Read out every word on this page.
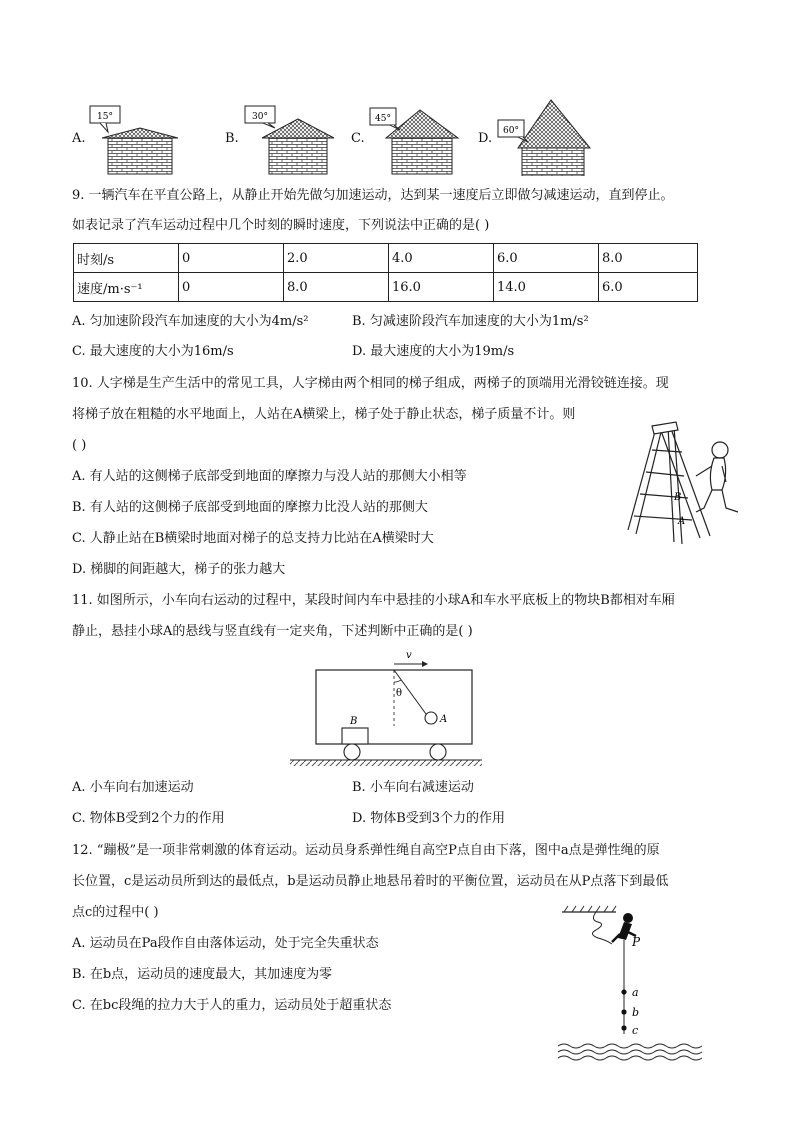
A.	B.	C.	D.
15°	30°	45°
60°
9. 一辆汽车在平直公路上，从静止开始先做匀加速运动，达到某一速度后立即做匀减速运动，直到停止。
如表记录了汽车运动过程中几个时刻的瞬时速度，下列说法中正确的是( )
时刻/s	0	2.0	4.0	6.0	8.0
速度/m·s⁻¹	0	8.0	16.0	14.0	6.0
A. 匀加速阶段汽车加速度的大小为4m/s²	B. 匀减速阶段汽车加速度的大小为1m/s²
C. 最大速度的大小为16m/s	D. 最大速度的大小为19m/s
10. 人字梯是生产生活中的常见工具，人字梯由两个相同的梯子组成，两梯子的顶端用光滑铰链连接。现
将梯子放在粗糙的水平地面上，人站在A横梁上，梯子处于静止状态，梯子质量不计。则
( )
A. 有人站的这侧梯子底部受到地面的摩擦力与没人站的那侧大小相等
B. 有人站的这侧梯子底部受到地面的摩擦力比没人站的那侧大
C. 人静止站在B横梁时地面对梯子的总支持力比站在A横梁时大
D. 梯脚的间距越大，梯子的张力越大
B
A
11. 如图所示，小车向右运动的过程中，某段时间内车中悬挂的小球A和车水平底板上的物块B都相对车厢
静止，悬挂小球A的悬线与竖直线有一定夹角，下述判断中正确的是( )
v
θ
A
B
A. 小车向右加速运动	B. 小车向右减速运动
C. 物体B受到2个力的作用	D. 物体B受到3个力的作用
12. “蹦极”是一项非常刺激的体育运动。运动员身系弹性绳自高空P点自由下落，图中a点是弹性绳的原
长位置，c是运动员所到达的最低点，b是运动员静止地悬吊着时的平衡位置，运动员在从P点落下到最低
点c的过程中( )
A. 运动员在Pa段作自由落体运动，处于完全失重状态
B. 在b点，运动员的速度最大，其加速度为零
C. 在bc段绳的拉力大于人的重力，运动员处于超重状态
P
a
b
c
